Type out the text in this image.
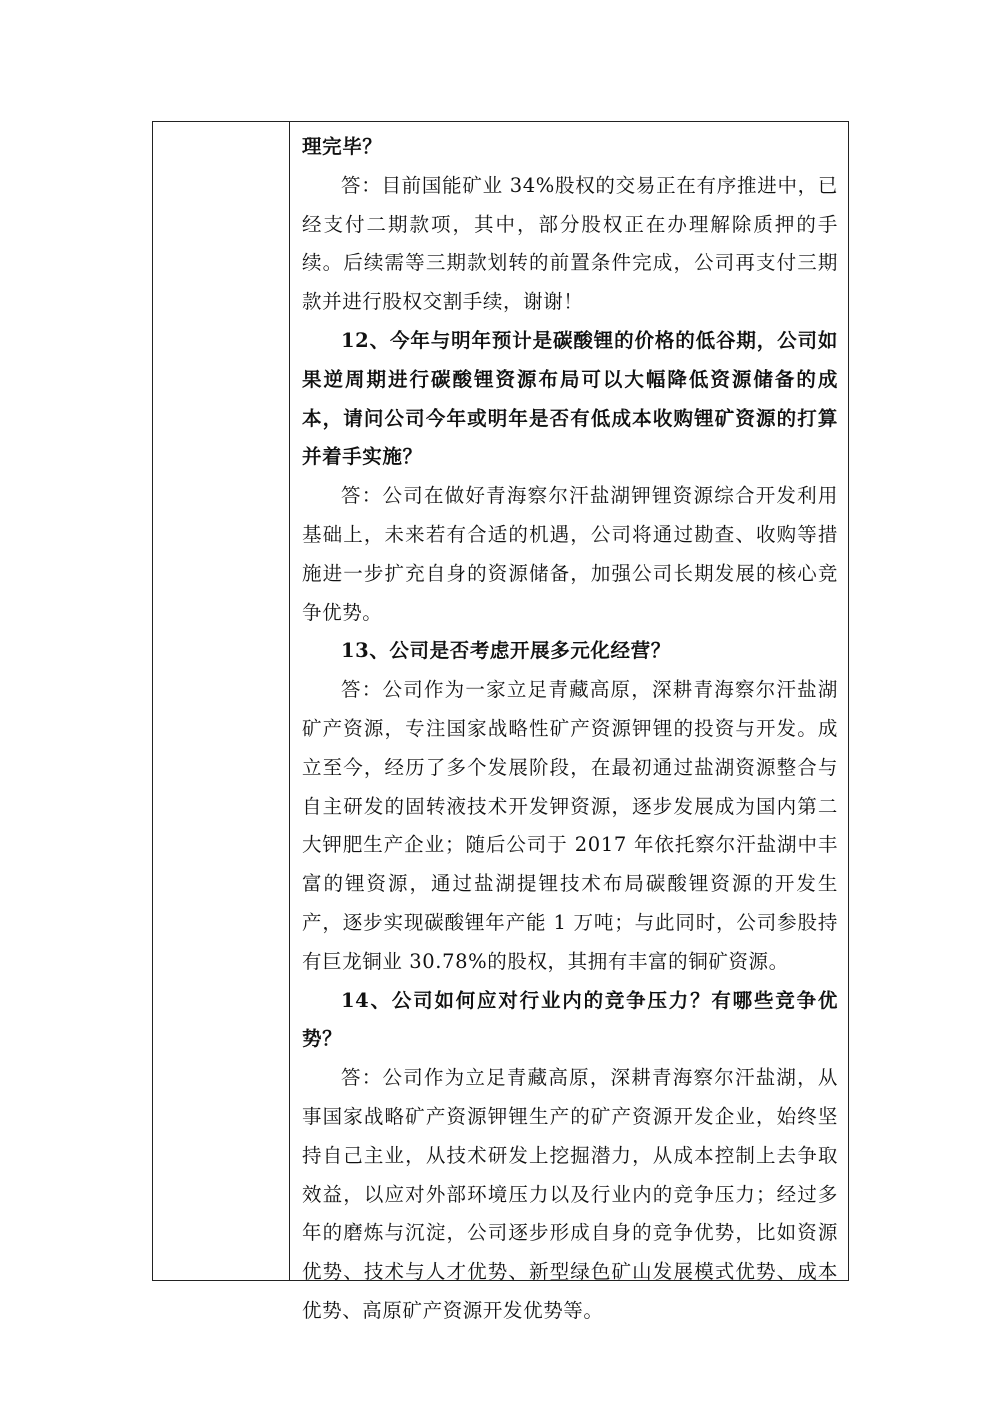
理完毕？

答：目前国能矿业 34%股权的交易正在有序推进中，已经支付二期款项，其中，部分股权正在办理解除质押的手续。后续需等三期款划转的前置条件完成，公司再支付三期款并进行股权交割手续，谢谢！

12、今年与明年预计是碳酸锂的价格的低谷期，公司如果逆周期进行碳酸锂资源布局可以大幅降低资源储备的成本，请问公司今年或明年是否有低成本收购锂矿资源的打算并着手实施？

答：公司在做好青海察尔汗盐湖钾锂资源综合开发利用基础上，未来若有合适的机遇，公司将通过勘查、收购等措施进一步扩充自身的资源储备，加强公司长期发展的核心竞争优势。

13、公司是否考虑开展多元化经营？

答：公司作为一家立足青藏高原，深耕青海察尔汗盐湖矿产资源，专注国家战略性矿产资源钾锂的投资与开发。成立至今，经历了多个发展阶段，在最初通过盐湖资源整合与自主研发的固转液技术开发钾资源，逐步发展成为国内第二大钾肥生产企业；随后公司于 2017 年依托察尔汗盐湖中丰富的锂资源，通过盐湖提锂技术布局碳酸锂资源的开发生产，逐步实现碳酸锂年产能 1 万吨；与此同时，公司参股持有巨龙铜业 30.78%的股权，其拥有丰富的铜矿资源。

14、公司如何应对行业内的竞争压力？有哪些竞争优势？

答：公司作为立足青藏高原，深耕青海察尔汗盐湖，从事国家战略矿产资源钾锂生产的矿产资源开发企业，始终坚持自己主业，从技术研发上挖掘潜力，从成本控制上去争取效益，以应对外部环境压力以及行业内的竞争压力；经过多年的磨炼与沉淀，公司逐步形成自身的竞争优势，比如资源优势、技术与人才优势、新型绿色矿山发展模式优势、成本优势、高原矿产资源开发优势等。
